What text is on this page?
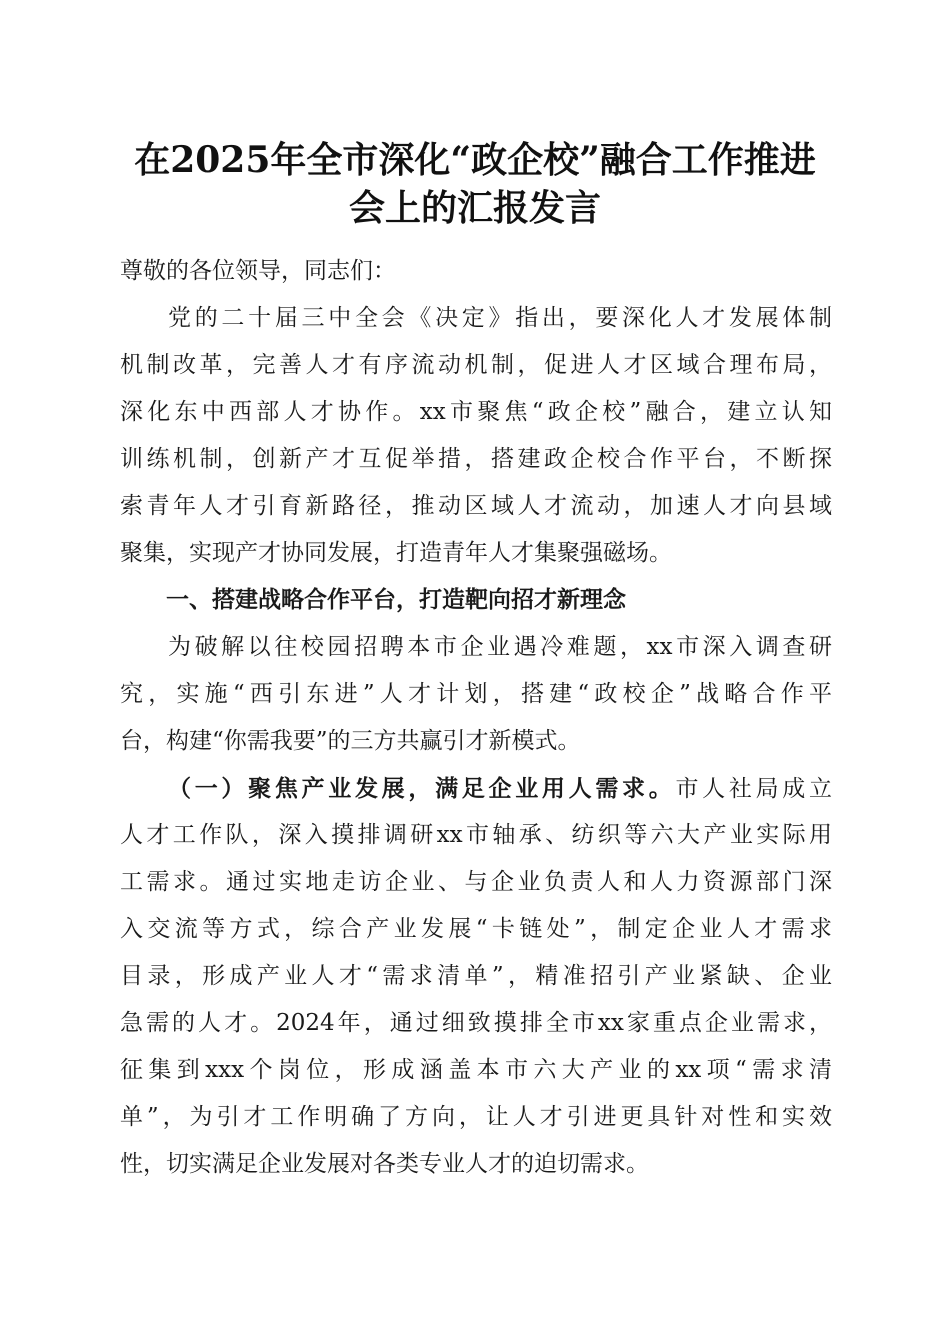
在2025年全市深化“政企校”融合工作推进
会上的汇报发言
尊敬的各位领导，同志们：
党的二十届三中全会《决定》指出，要深化人才发展体制
机制改革，完善人才有序流动机制，促进人才区域合理布局，
深化东中西部人才协作。xx市聚焦“政企校”融合，建立认知
训练机制，创新产才互促举措，搭建政企校合作平台，不断探
索青年人才引育新路径，推动区域人才流动，加速人才向县域
聚集，实现产才协同发展，打造青年人才集聚强磁场。
一、搭建战略合作平台，打造靶向招才新理念
为破解以往校园招聘本市企业遇冷难题，xx市深入调查研
究，实施“西引东进”人才计划，搭建“政校企”战略合作平
台，构建“你需我要”的三方共赢引才新模式。
（一）聚焦产业发展，满足企业用人需求。市人社局成立
人才工作队，深入摸排调研xx市轴承、纺织等六大产业实际用
工需求。通过实地走访企业、与企业负责人和人力资源部门深
入交流等方式，综合产业发展“卡链处”，制定企业人才需求
目录，形成产业人才“需求清单”，精准招引产业紧缺、企业
急需的人才。2024年，通过细致摸排全市xx家重点企业需求，
征集到xxx个岗位，形成涵盖本市六大产业的xx项“需求清
单”，为引才工作明确了方向，让人才引进更具针对性和实效
性，切实满足企业发展对各类专业人才的迫切需求。
